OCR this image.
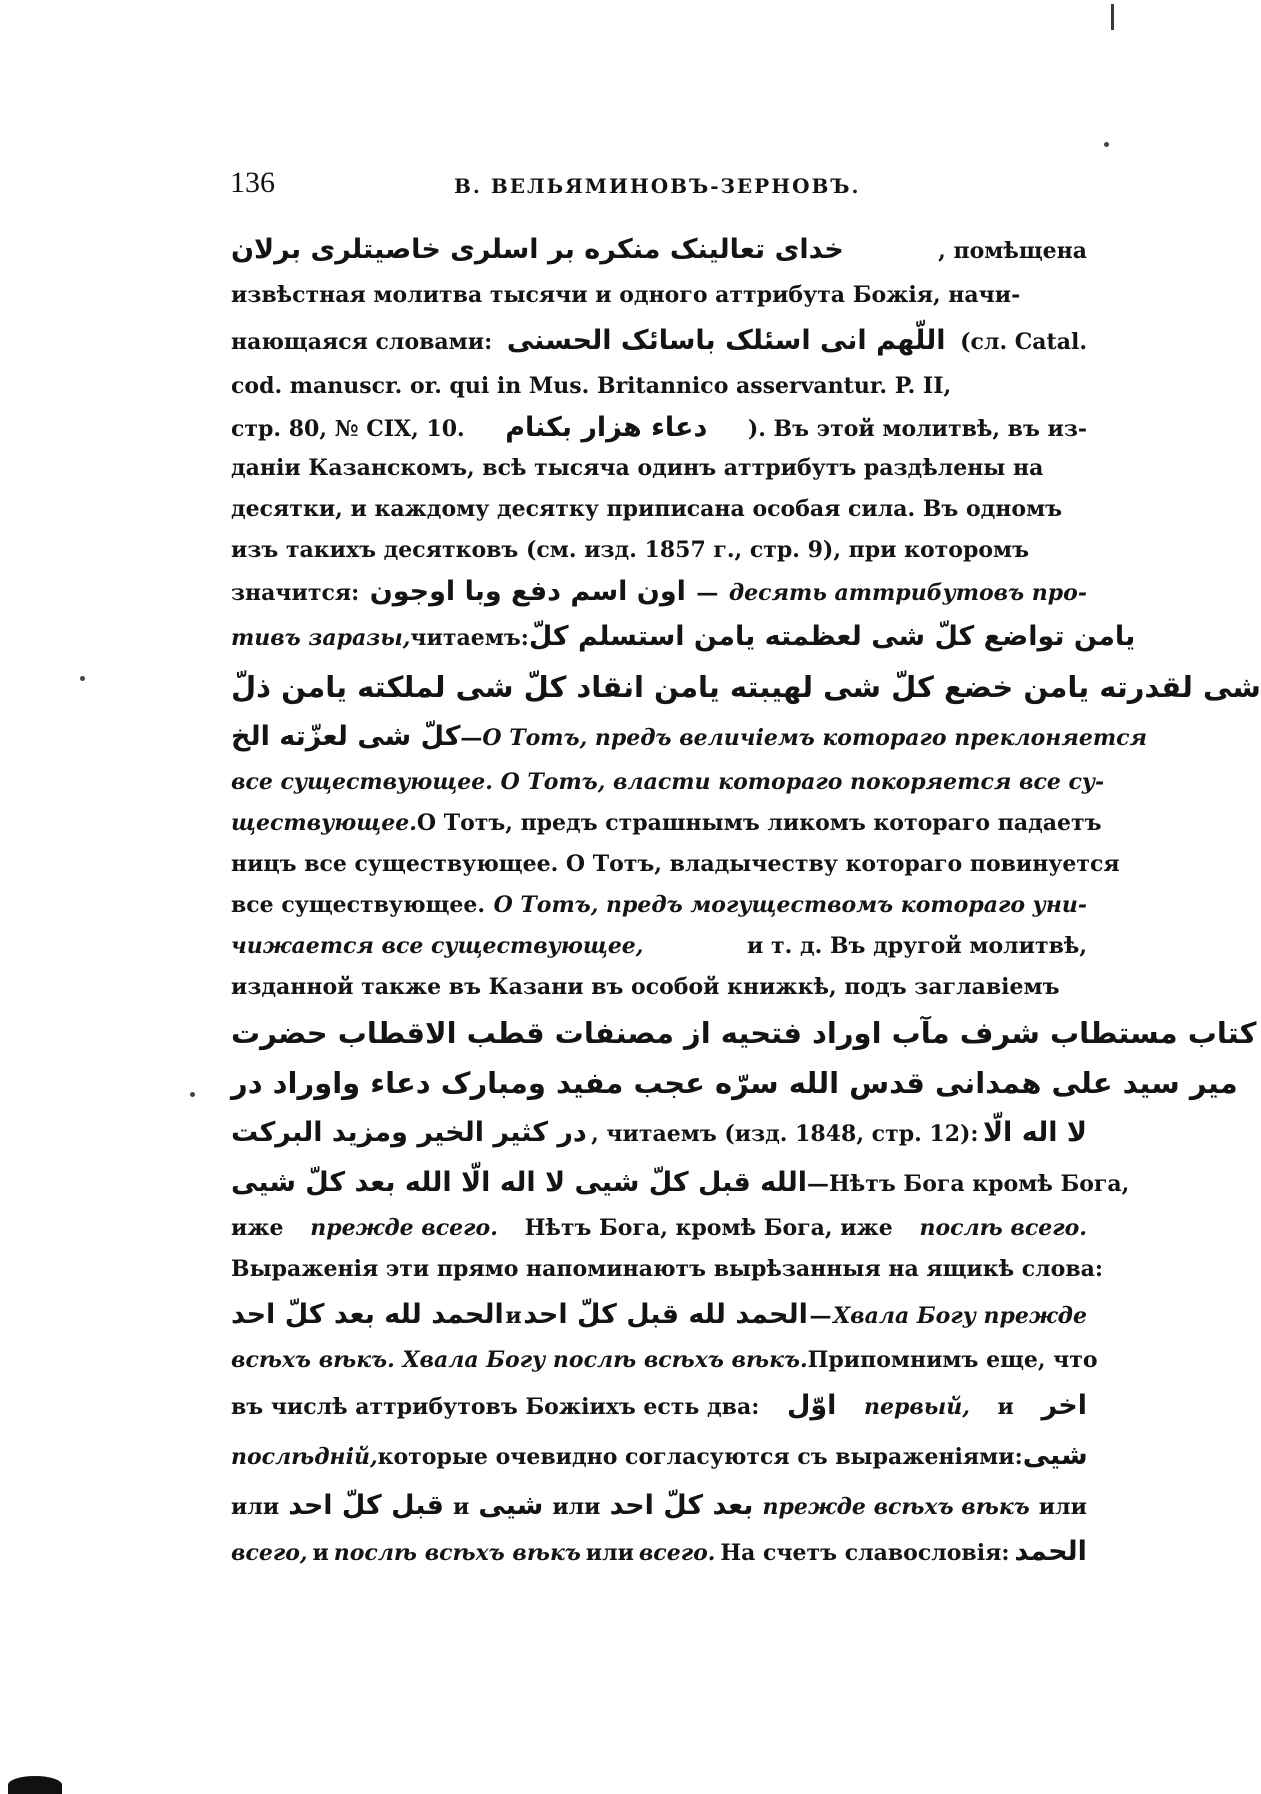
136	В. ВЕЛЬЯМИНОВЪ-ЗЕРНОВЪ.
خدای تعالینک منکره بر اسلری خاصیتلری برلان	, помѣщена
извѣстная молитва тысячи и одного аттрибута Божія, начи-
нающаяся словами: اللّهم انی اسئلک باسائک الحسنی (сл. Catal.
cod. manuscr. or. qui in Mus. Britannico asservantur. P. II,
стр. 80, № CIX, 10. دعاء هزار بکنام ). Въ этой молитвѣ, въ из-
даніи Казанскомъ, всѣ тысяча одинъ аттрибутъ раздѣлены на
десятки, и каждому десятку приписана особая сила. Въ одномъ
изъ такихъ десятковъ (см. изд. 1857 г., стр. 9), при которомъ
значится: اون اسم دفع وبا اوجون — десять аттрибутовъ про-
тивъ заразы, читаемъ: یامن تواضع کلّ شی لعظمته یامن استسلم کلّ
شی لقدرته یامن خضع کلّ شی لهیبته یامن انقاد کلّ شی لملکته یامن ذلّ
کلّ شی لعزّته الخ — О Тотъ, предъ величіемъ котораго преклоняется
все существующее. О Тотъ, власти котораго покоряется все су-
ществующее. О Тотъ, предъ страшнымъ ликомъ котораго падаетъ
ницъ все существующее. О Тотъ, владычеству котораго повинуется
все существующее. О Тотъ, предъ могуществомъ котораго уни-
чижается все существующее,	и т. д. Въ другой молитвѣ,
изданной также въ Казани въ особой книжкѣ, подъ заглавіемъ
کتاب مستطاب شرف مآب اوراد فتحیه از مصنفات قطب الاقطاب حضرت
میر سید علی همدانی قدس الله سرّه عجب مفید ومبارک دعاء واوراد در
در کثیر الخیر ومزید البرکت , читаемъ (изд. 1848, стр. 12): لا اله الّا
الله قبل کلّ شیی لا اله الّا الله بعد کلّ شیی —Нѣтъ Бога кромѣ Бога,
иже прежде всего. Нѣтъ Бога, кромѣ Бога, иже послѣ всего.
Выраженія эти прямо напоминаютъ вырѣзанныя на ящикѣ слова:
الحمد لله بعد کلّ احد и الحمد لله قبل کلّ احد — Хвала Богу прежде
всѣхъ вѣкъ. Хвала Богу послѣ всѣхъ вѣкъ. Припомнимъ еще, что
въ числѣ аттрибутовъ Божіихъ есть два: اوّل первый, и اخر
послѣдній, которые очевидно согласуются съ выраженіями: شیی
или قبل کلّ احد и شیی или بعد کلّ احد прежде всѣхъ вѣкъ или
всего, и послѣ всѣхъ вѣкъ или всего. На счетъ славословія: الحمد
